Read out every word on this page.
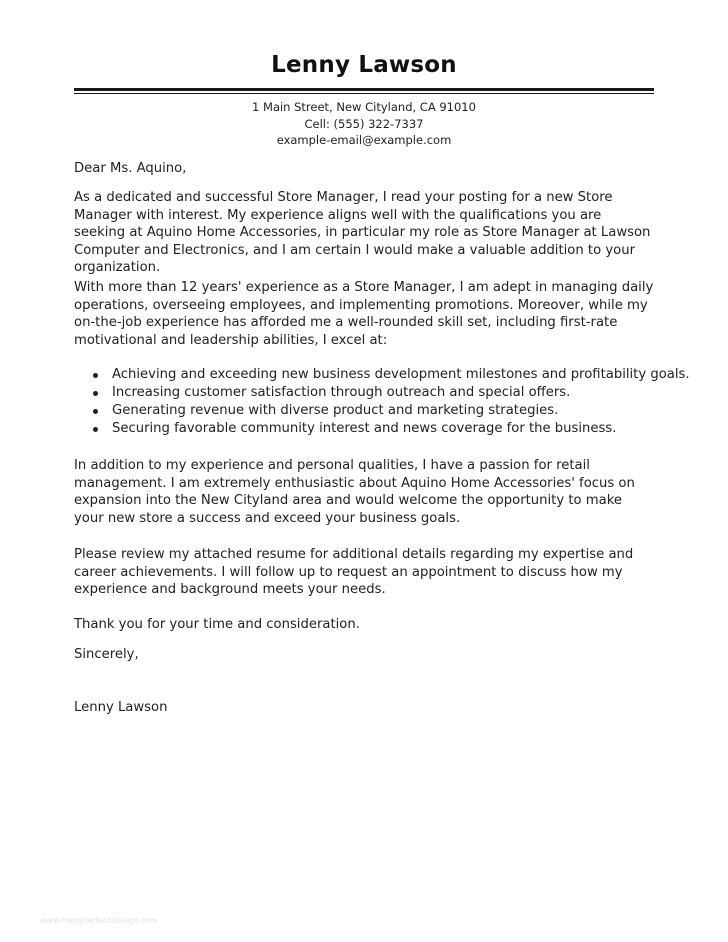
Lenny Lawson
1 Main Street, New Cityland, CA 91010
Cell: (555) 322-7337
example-email@example.com
Dear Ms. Aquino,
As a dedicated and successful Store Manager, I read your posting for a new Store Manager with interest. My experience aligns well with the qualifications you are seeking at Aquino Home Accessories, in particular my role as Store Manager at Lawson Computer and Electronics, and I am certain I would make a valuable addition to your organization.
With more than 12 years' experience as a Store Manager, I am adept in managing daily operations, overseeing employees, and implementing promotions. Moreover, while my on-the-job experience has afforded me a well-rounded skill set, including first-rate motivational and leadership abilities, I excel at:
Achieving and exceeding new business development milestones and profitability goals.
Increasing customer satisfaction through outreach and special offers.
Generating revenue with diverse product and marketing strategies.
Securing favorable community interest and news coverage for the business.
In addition to my experience and personal qualities, I have a passion for retail management. I am extremely enthusiastic about Aquino Home Accessories' focus on expansion into the New Cityland area and would welcome the opportunity to make your new store a success and exceed your business goals.
Please review my attached resume for additional details regarding my expertise and career achievements. I will follow up to request an appointment to discuss how my experience and background meets your needs.
Thank you for your time and consideration.
Sincerely,
Lenny Lawson
www.freegraphicsdesign.com
